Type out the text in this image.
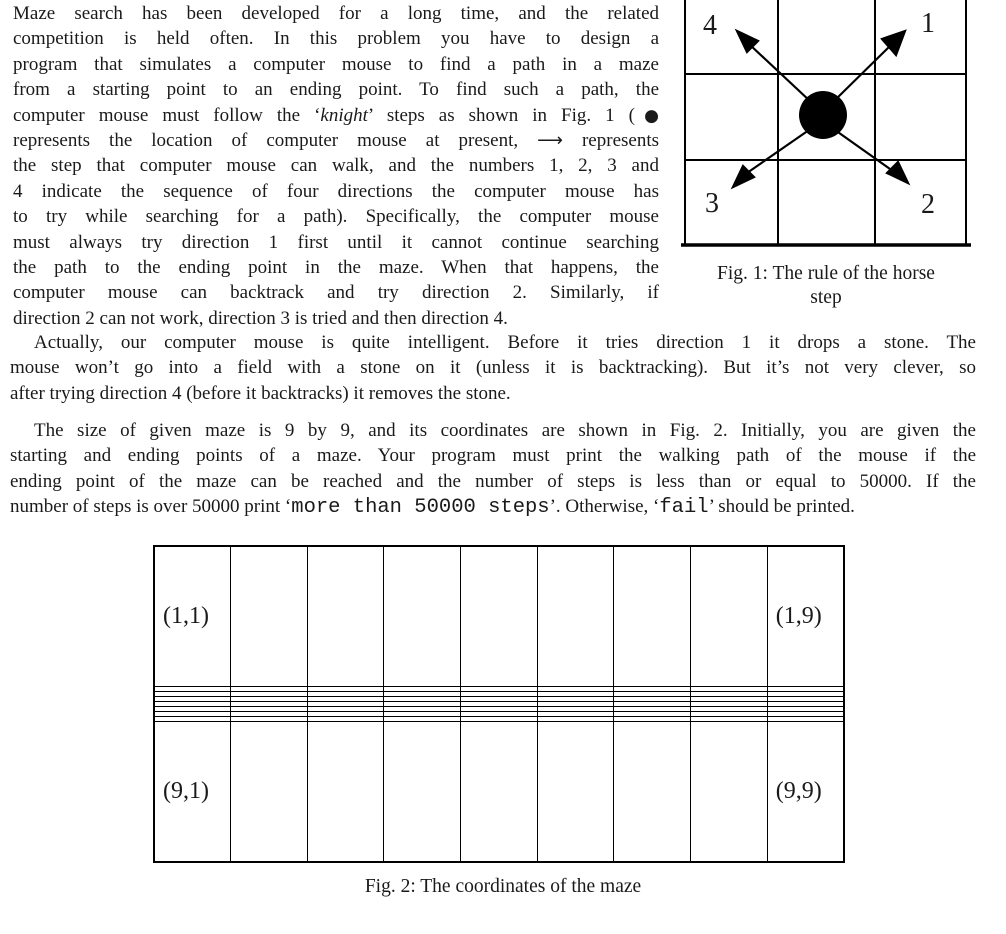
Maze search has been developed for a long time, and the related
competition is held often. In this problem you have to design a
program that simulates a computer mouse to find a path in a maze
from a starting point to an ending point. To find such a path, the
computer mouse must follow the ‘knight’ steps as shown in Fig. 1 (●
represents the location of computer mouse at present, ⟶ represents
the step that computer mouse can walk, and the numbers 1, 2, 3 and
4 indicate the sequence of four directions the computer mouse has
to try while searching for a path). Specifically, the computer mouse
must always try direction 1 first until it cannot continue searching
the path to the ending point in the maze. When that happens, the
computer mouse can backtrack and try direction 2. Similarly, if
direction 2 can not work, direction 3 is tried and then direction 4.
4	1
3	2
Fig. 1: The rule of the horse
step
Actually, our computer mouse is quite intelligent. Before it tries direction 1 it drops a stone. The
mouse won’t go into a field with a stone on it (unless it is backtracking). But it’s not very clever, so
after trying direction 4 (before it backtracks) it removes the stone.
The size of given maze is 9 by 9, and its coordinates are shown in Fig. 2. Initially, you are given the
starting and ending points of a maze. Your program must print the walking path of the mouse if the
ending point of the maze can be reached and the number of steps is less than or equal to 50000. If the
number of steps is over 50000 print ‘more than 50000 steps’. Otherwise, ‘fail’ should be printed.
(1,1)								(1,9)

(9,1)								(9,9)
Fig. 2: The coordinates of the maze
